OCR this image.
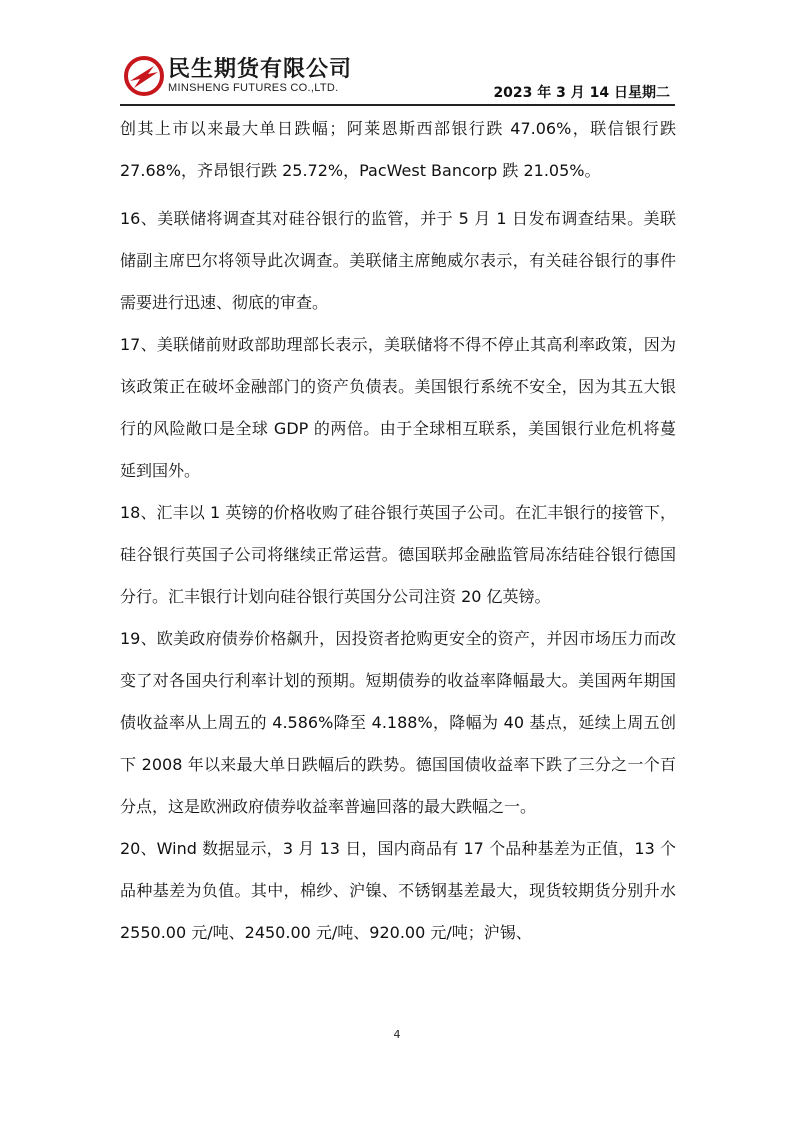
民生期货有限公司
MINSHENG FUTURES CO.,LTD.	2023 年 3 月 14 日星期二

创其上市以来最大单日跌幅；阿莱恩斯西部银行跌 47.06%，联信银行跌 27.68%，齐昂银行跌 25.72%，PacWest Bancorp 跌 21.05%。

16、美联储将调查其对硅谷银行的监管，并于 5 月 1 日发布调查结果。美联储副主席巴尔将领导此次调查。美联储主席鲍威尔表示，有关硅谷银行的事件需要进行迅速、彻底的审查。

17、美联储前财政部助理部长表示，美联储将不得不停止其高利率政策，因为该政策正在破坏金融部门的资产负债表。美国银行系统不安全，因为其五大银行的风险敞口是全球 GDP 的两倍。由于全球相互联系，美国银行业危机将蔓延到国外。

18、汇丰以 1 英镑的价格收购了硅谷银行英国子公司。在汇丰银行的接管下，硅谷银行英国子公司将继续正常运营。德国联邦金融监管局冻结硅谷银行德国分行。汇丰银行计划向硅谷银行英国分公司注资 20 亿英镑。

19、欧美政府债券价格飙升，因投资者抢购更安全的资产，并因市场压力而改变了对各国央行利率计划的预期。短期债券的收益率降幅最大。美国两年期国债收益率从上周五的 4.586%降至 4.188%，降幅为 40 基点，延续上周五创下 2008 年以来最大单日跌幅后的跌势。德国国债收益率下跌了三分之一个百分点，这是欧洲政府债券收益率普遍回落的最大跌幅之一。

20、Wind 数据显示，3 月 13 日，国内商品有 17 个品种基差为正值，13 个品种基差为负值。其中，棉纱、沪镍、不锈钢基差最大，现货较期货分别升水 2550.00 元/吨、2450.00 元/吨、920.00 元/吨；沪锡、

4
